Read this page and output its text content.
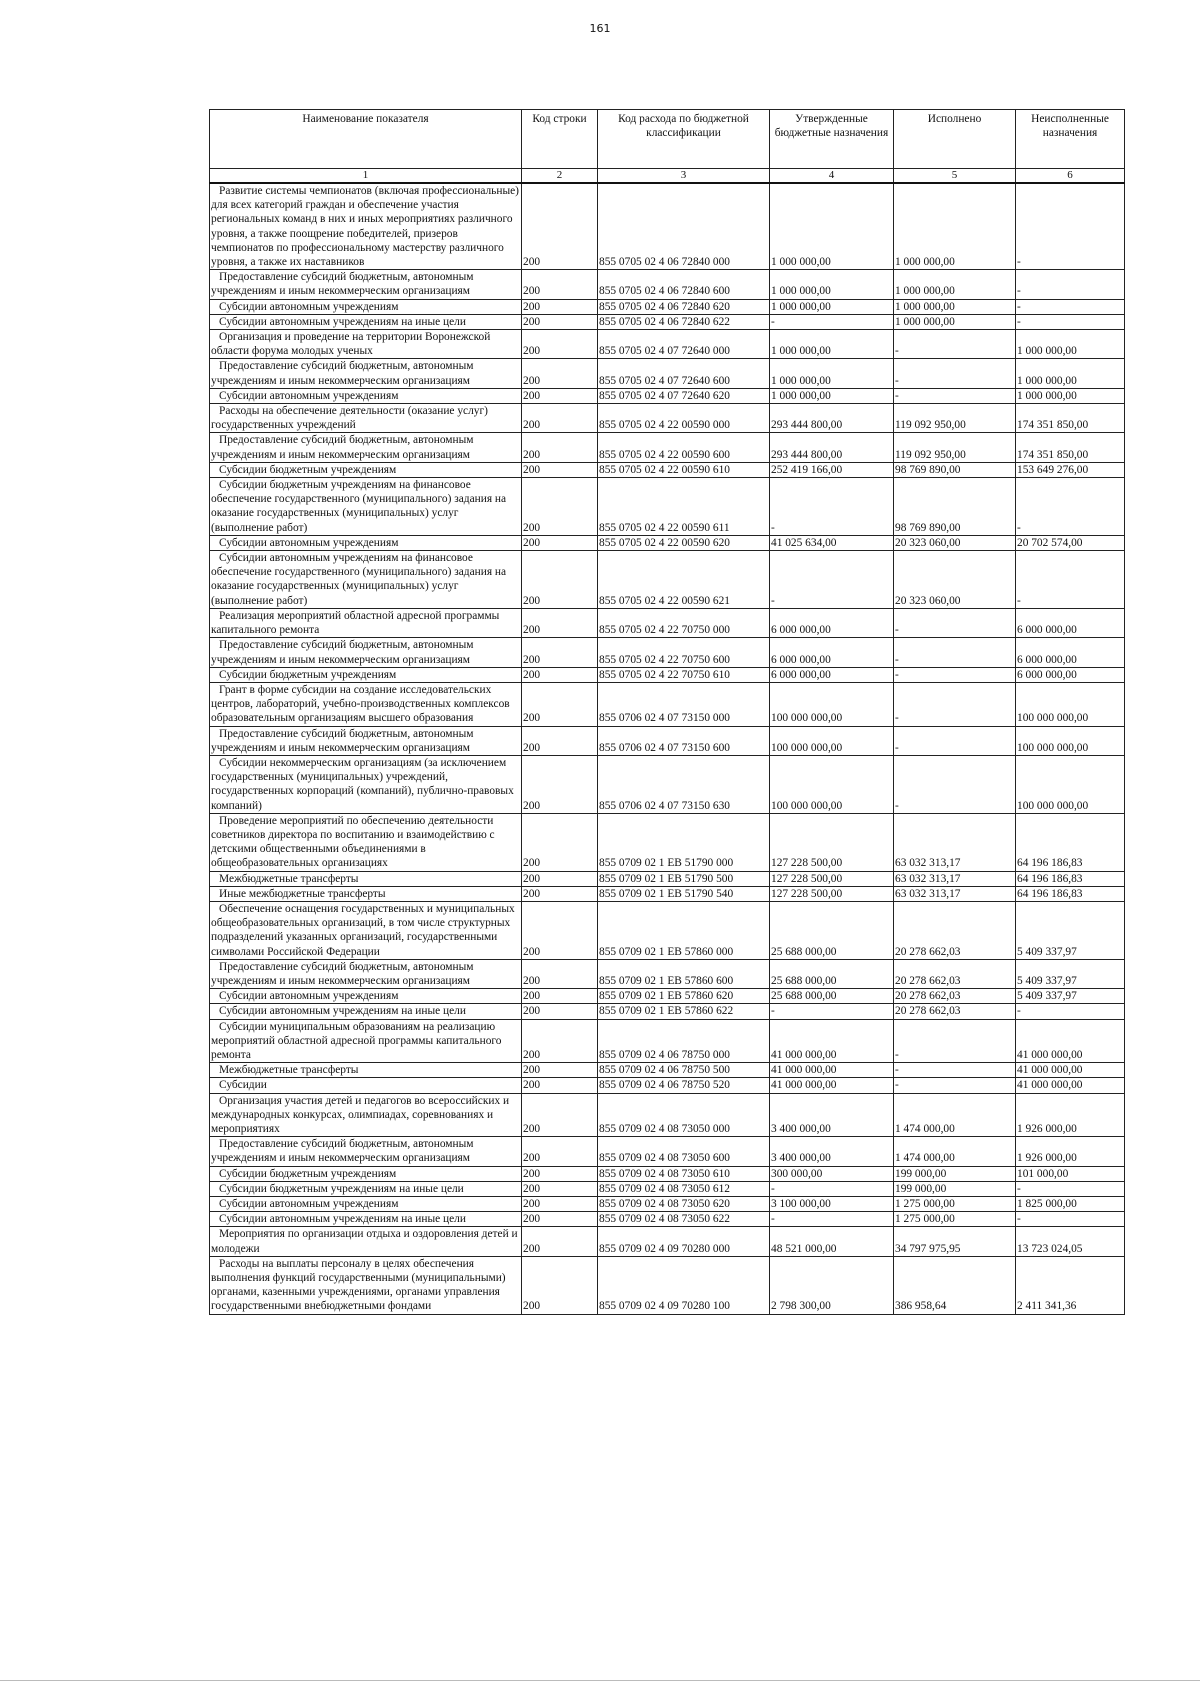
161
Наименование показателя	Код строки	Код расхода по бюджетной классификации	Утвержденные бюджетные назначения	Исполнено	Неисполненные назначения
1	2	3	4	5	6
Развитие системы чемпионатов (включая профессиональные) для всех категорий граждан и обеспечение участия региональных команд в них и иных мероприятиях различного уровня, а также поощрение победителей, призеров чемпионатов по профессиональному мастерству различного уровня, а также их наставников	200	855 0705 02 4 06 72840 000	1 000 000,00	1 000 000,00	-
Предоставление субсидий бюджетным, автономным учреждениям и иным некоммерческим организациям	200	855 0705 02 4 06 72840 600	1 000 000,00	1 000 000,00	-
Субсидии автономным учреждениям	200	855 0705 02 4 06 72840 620	1 000 000,00	1 000 000,00	-
Субсидии автономным учреждениям на иные цели	200	855 0705 02 4 06 72840 622	-	1 000 000,00	-
Организация и проведение на территории Воронежской области форума молодых ученых	200	855 0705 02 4 07 72640 000	1 000 000,00	-	1 000 000,00
Предоставление субсидий бюджетным, автономным учреждениям и иным некоммерческим организациям	200	855 0705 02 4 07 72640 600	1 000 000,00	-	1 000 000,00
Субсидии автономным учреждениям	200	855 0705 02 4 07 72640 620	1 000 000,00	-	1 000 000,00
Расходы на обеспечение деятельности (оказание услуг) государственных учреждений	200	855 0705 02 4 22 00590 000	293 444 800,00	119 092 950,00	174 351 850,00
Предоставление субсидий бюджетным, автономным учреждениям и иным некоммерческим организациям	200	855 0705 02 4 22 00590 600	293 444 800,00	119 092 950,00	174 351 850,00
Субсидии бюджетным учреждениям	200	855 0705 02 4 22 00590 610	252 419 166,00	98 769 890,00	153 649 276,00
Субсидии бюджетным учреждениям на финансовое обеспечение государственного (муниципального) задания на оказание государственных (муниципальных) услуг (выполнение работ)	200	855 0705 02 4 22 00590 611	-	98 769 890,00	-
Субсидии автономным учреждениям	200	855 0705 02 4 22 00590 620	41 025 634,00	20 323 060,00	20 702 574,00
Субсидии автономным учреждениям на финансовое обеспечение государственного (муниципального) задания на оказание государственных (муниципальных) услуг (выполнение работ)	200	855 0705 02 4 22 00590 621	-	20 323 060,00	-
Реализация мероприятий областной адресной программы капитального ремонта	200	855 0705 02 4 22 70750 000	6 000 000,00	-	6 000 000,00
Предоставление субсидий бюджетным, автономным учреждениям и иным некоммерческим организациям	200	855 0705 02 4 22 70750 600	6 000 000,00	-	6 000 000,00
Субсидии бюджетным учреждениям	200	855 0705 02 4 22 70750 610	6 000 000,00	-	6 000 000,00
Грант в форме субсидии на создание исследовательских центров, лабораторий, учебно-производственных комплексов образовательным организациям высшего образования	200	855 0706 02 4 07 73150 000	100 000 000,00	-	100 000 000,00
Предоставление субсидий бюджетным, автономным учреждениям и иным некоммерческим организациям	200	855 0706 02 4 07 73150 600	100 000 000,00	-	100 000 000,00
Субсидии некоммерческим организациям (за исключением государственных (муниципальных) учреждений, государственных корпораций (компаний), публично-правовых компаний)	200	855 0706 02 4 07 73150 630	100 000 000,00	-	100 000 000,00
Проведение мероприятий по обеспечению деятельности советников директора по воспитанию и взаимодействию с детскими общественными объединениями в общеобразовательных организациях	200	855 0709 02 1 EB 51790 000	127 228 500,00	63 032 313,17	64 196 186,83
Межбюджетные трансферты	200	855 0709 02 1 EB 51790 500	127 228 500,00	63 032 313,17	64 196 186,83
Иные межбюджетные трансферты	200	855 0709 02 1 EB 51790 540	127 228 500,00	63 032 313,17	64 196 186,83
Обеспечение оснащения государственных и муниципальных общеобразовательных организаций, в том числе структурных подразделений указанных организаций, государственными символами Российской Федерации	200	855 0709 02 1 EB 57860 000	25 688 000,00	20 278 662,03	5 409 337,97
Предоставление субсидий бюджетным, автономным учреждениям и иным некоммерческим организациям	200	855 0709 02 1 EB 57860 600	25 688 000,00	20 278 662,03	5 409 337,97
Субсидии автономным учреждениям	200	855 0709 02 1 EB 57860 620	25 688 000,00	20 278 662,03	5 409 337,97
Субсидии автономным учреждениям на иные цели	200	855 0709 02 1 EB 57860 622	-	20 278 662,03	-
Субсидии муниципальным образованиям на реализацию мероприятий областной адресной программы капитального ремонта	200	855 0709 02 4 06 78750 000	41 000 000,00	-	41 000 000,00
Межбюджетные трансферты	200	855 0709 02 4 06 78750 500	41 000 000,00	-	41 000 000,00
Субсидии	200	855 0709 02 4 06 78750 520	41 000 000,00	-	41 000 000,00
Организация участия детей и педагогов во всероссийских и международных конкурсах, олимпиадах, соревнованиях и мероприятиях	200	855 0709 02 4 08 73050 000	3 400 000,00	1 474 000,00	1 926 000,00
Предоставление субсидий бюджетным, автономным учреждениям и иным некоммерческим организациям	200	855 0709 02 4 08 73050 600	3 400 000,00	1 474 000,00	1 926 000,00
Субсидии бюджетным учреждениям	200	855 0709 02 4 08 73050 610	300 000,00	199 000,00	101 000,00
Субсидии бюджетным учреждениям на иные цели	200	855 0709 02 4 08 73050 612	-	199 000,00	-
Субсидии автономным учреждениям	200	855 0709 02 4 08 73050 620	3 100 000,00	1 275 000,00	1 825 000,00
Субсидии автономным учреждениям на иные цели	200	855 0709 02 4 08 73050 622	-	1 275 000,00	-
Мероприятия по организации отдыха и оздоровления детей и молодежи	200	855 0709 02 4 09 70280 000	48 521 000,00	34 797 975,95	13 723 024,05
Расходы на выплаты персоналу в целях обеспечения выполнения функций государственными (муниципальными) органами, казенными учреждениями, органами управления государственными внебюджетными фондами	200	855 0709 02 4 09 70280 100	2 798 300,00	386 958,64	2 411 341,36
